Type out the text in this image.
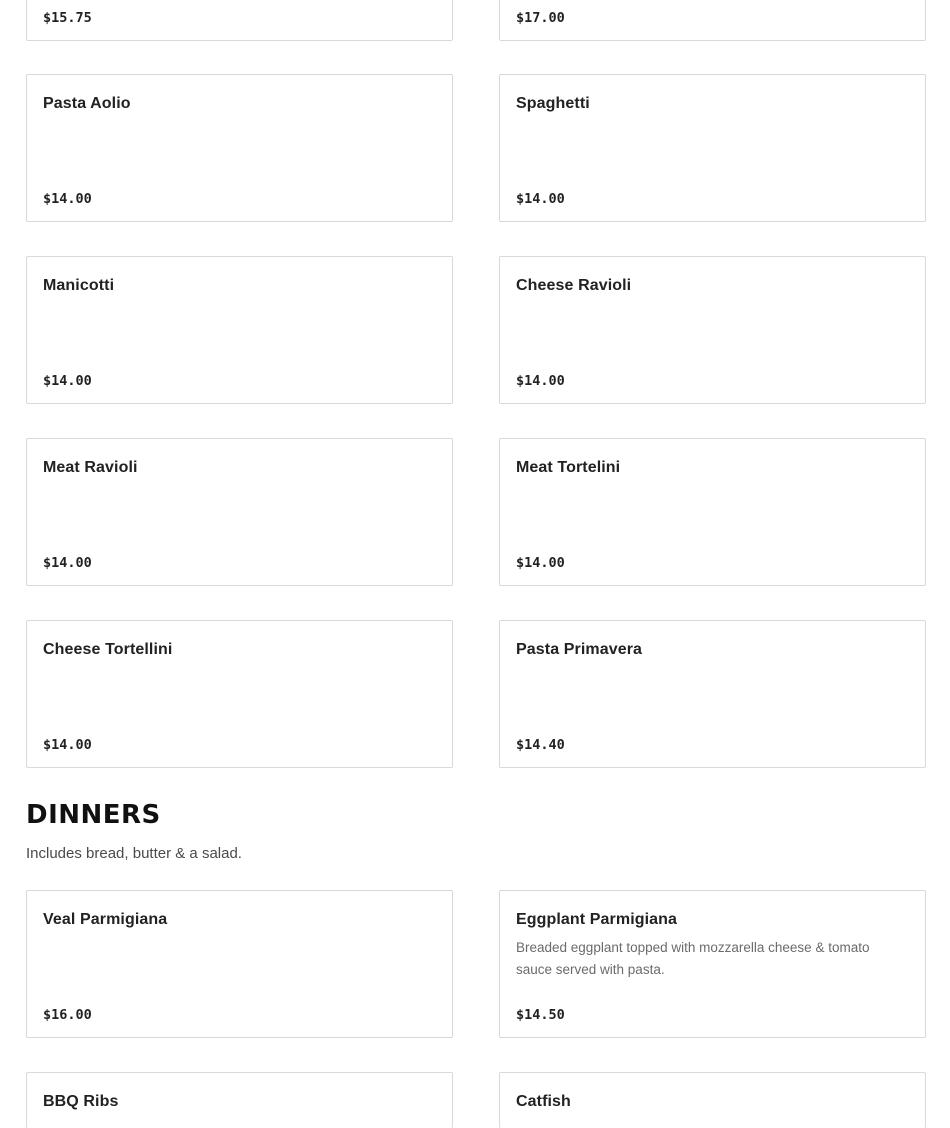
$15.75	$17.00
Pasta Aolio
$14.00
Spaghetti
$14.00
Manicotti
$14.00
Cheese Ravioli
$14.00
Meat Ravioli
$14.00
Meat Tortelini
$14.00
Cheese Tortellini
$14.00
Pasta Primavera
$14.40
DINNERS

Includes bread, butter & a salad.

Veal Parmigiana
$16.00
Eggplant Parmigiana
Breaded eggplant topped with mozzarella cheese & tomato sauce served with pasta.
$14.50
BBQ Ribs	Catfish
